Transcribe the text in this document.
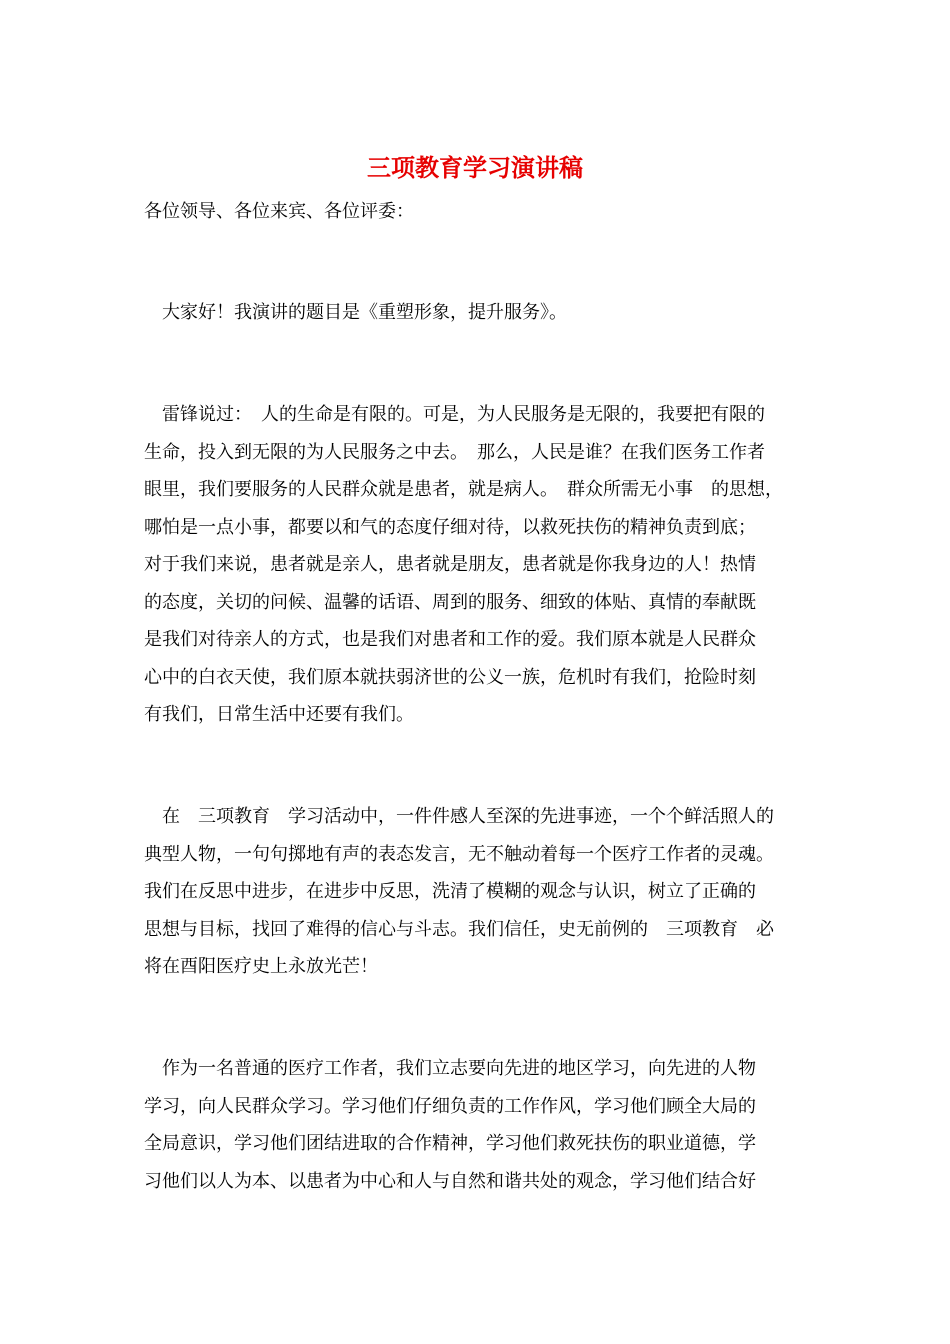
三项教育学习演讲稿

各位领导、各位来宾、各位评委：

　大家好！我演讲的题目是《重塑形象，提升服务》。
　雷锋说过：　人的生命是有限的。可是，为人民服务是无限的，我要把有限的
生命，投入到无限的为人民服务之中去。　那么，人民是谁？在我们医务工作者
眼里，我们要服务的人民群众就是患者，就是病人。　群众所需无小事　的思想，
哪怕是一点小事，都要以和气的态度仔细对待，以救死扶伤的精神负责到底；
对于我们来说，患者就是亲人，患者就是朋友，患者就是你我身边的人！热情
的态度，关切的问候、温馨的话语、周到的服务、细致的体贴、真情的奉献既
是我们对待亲人的方式，也是我们对患者和工作的爱。我们原本就是人民群众
心中的白衣天使，我们原本就扶弱济世的公义一族，危机时有我们，抢险时刻
有我们，日常生活中还要有我们。
　在　三项教育　学习活动中，一件件感人至深的先进事迹，一个个鲜活照人的
典型人物，一句句掷地有声的表态发言，无不触动着每一个医疗工作者的灵魂。
我们在反思中进步，在进步中反思，洗清了模糊的观念与认识，树立了正确的
思想与目标，找回了难得的信心与斗志。我们信任，史无前例的　三项教育　必
将在酉阳医疗史上永放光芒！
　作为一名普通的医疗工作者，我们立志要向先进的地区学习，向先进的人物
学习，向人民群众学习。学习他们仔细负责的工作作风，学习他们顾全大局的
全局意识，学习他们团结进取的合作精神，学习他们救死扶伤的职业道德，学
习他们以人为本、以患者为中心和人与自然和谐共处的观念，学习他们结合好
